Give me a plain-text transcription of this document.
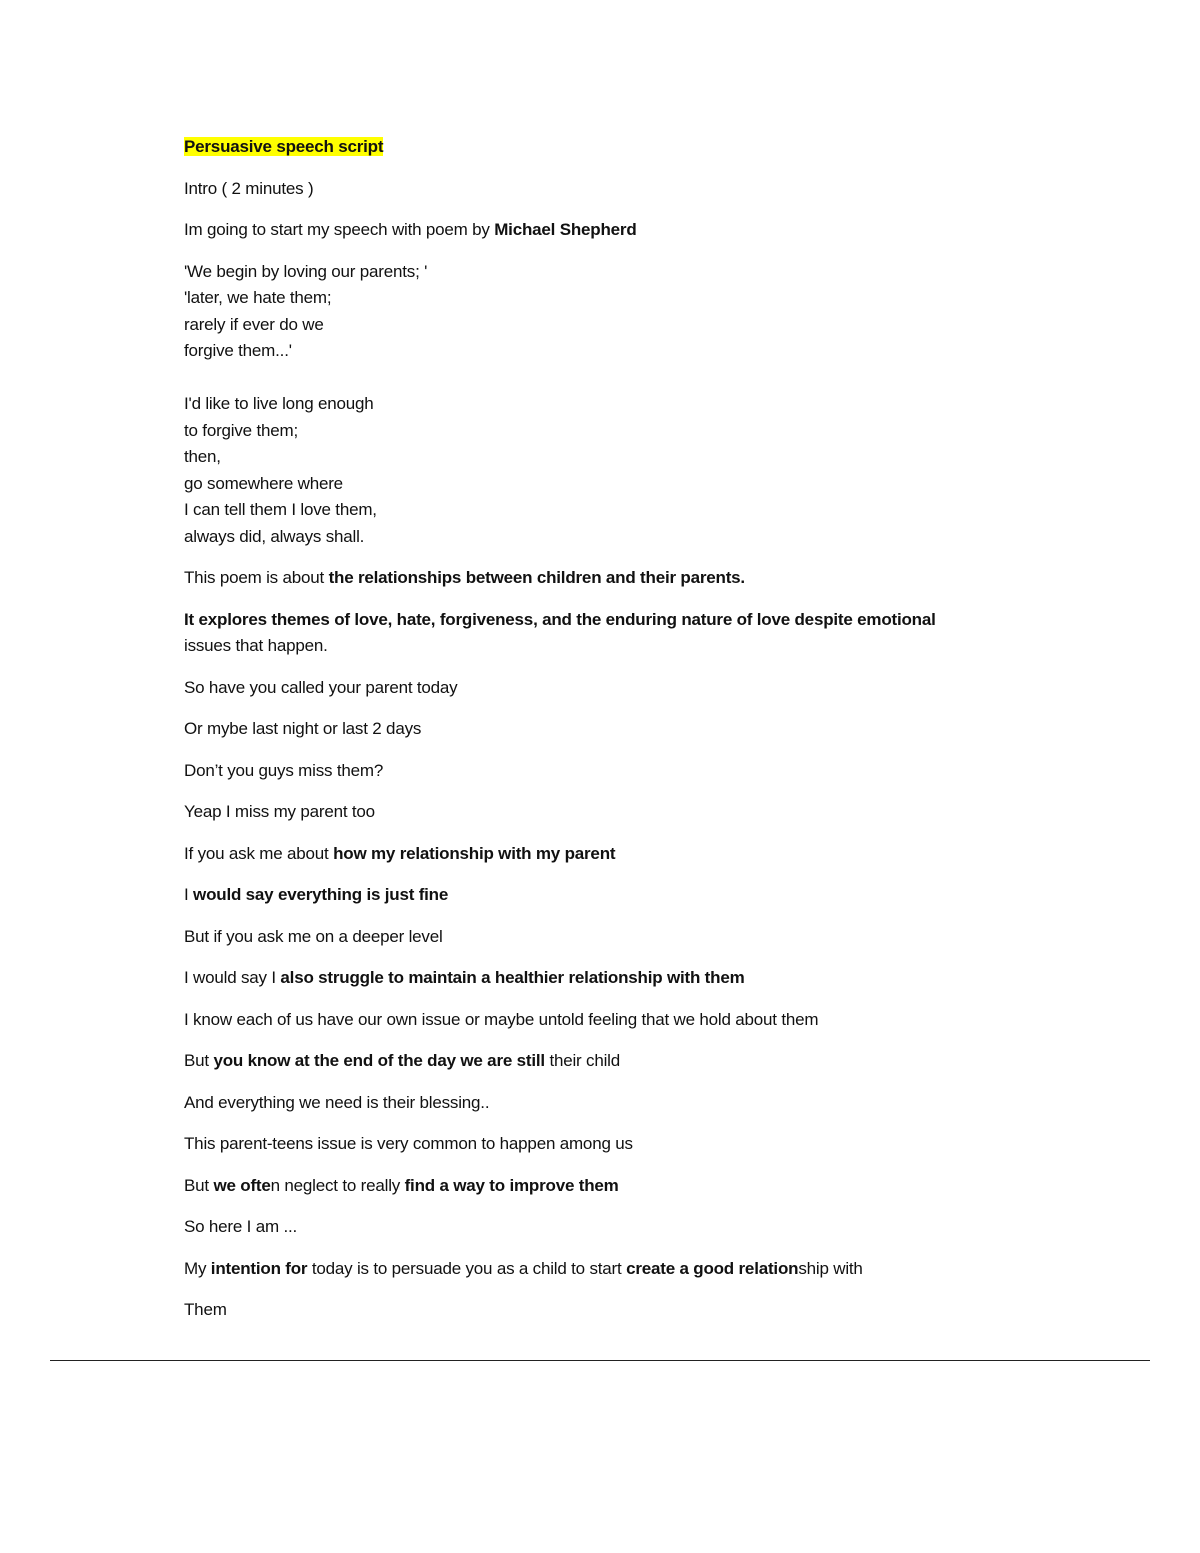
Persuasive speech script

Intro ( 2 minutes )

Im going to start my speech with poem by Michael Shepherd

'We begin by loving our parents; '
'later, we hate them;
rarely if ever do we
forgive them...'
I'd like to live long enough
to forgive them;
then,
go somewhere where
I can tell them I love them,
always did, always shall.

This poem is about the relationships between children and their parents.

It explores themes of love, hate, forgiveness, and the enduring nature of love despite emotional
issues that happen.

So have you called your parent today

Or mybe last night or last 2 days

Don’t you guys miss them?

Yeap I miss my parent too

If you ask me about how my relationship with my parent

I would say everything is just fine

But if you ask me on a deeper level

I would say I also struggle to maintain a healthier relationship with them

I know each of us have our own issue or maybe untold feeling that we hold about them

But you know at the end of the day we are still their child

And everything we need is their blessing..

This parent-teens issue is very common to happen among us

But we often neglect to really find a way to improve them

So here I am ...

My intention for today is to persuade you as a child to start create a good relationship with

Them
